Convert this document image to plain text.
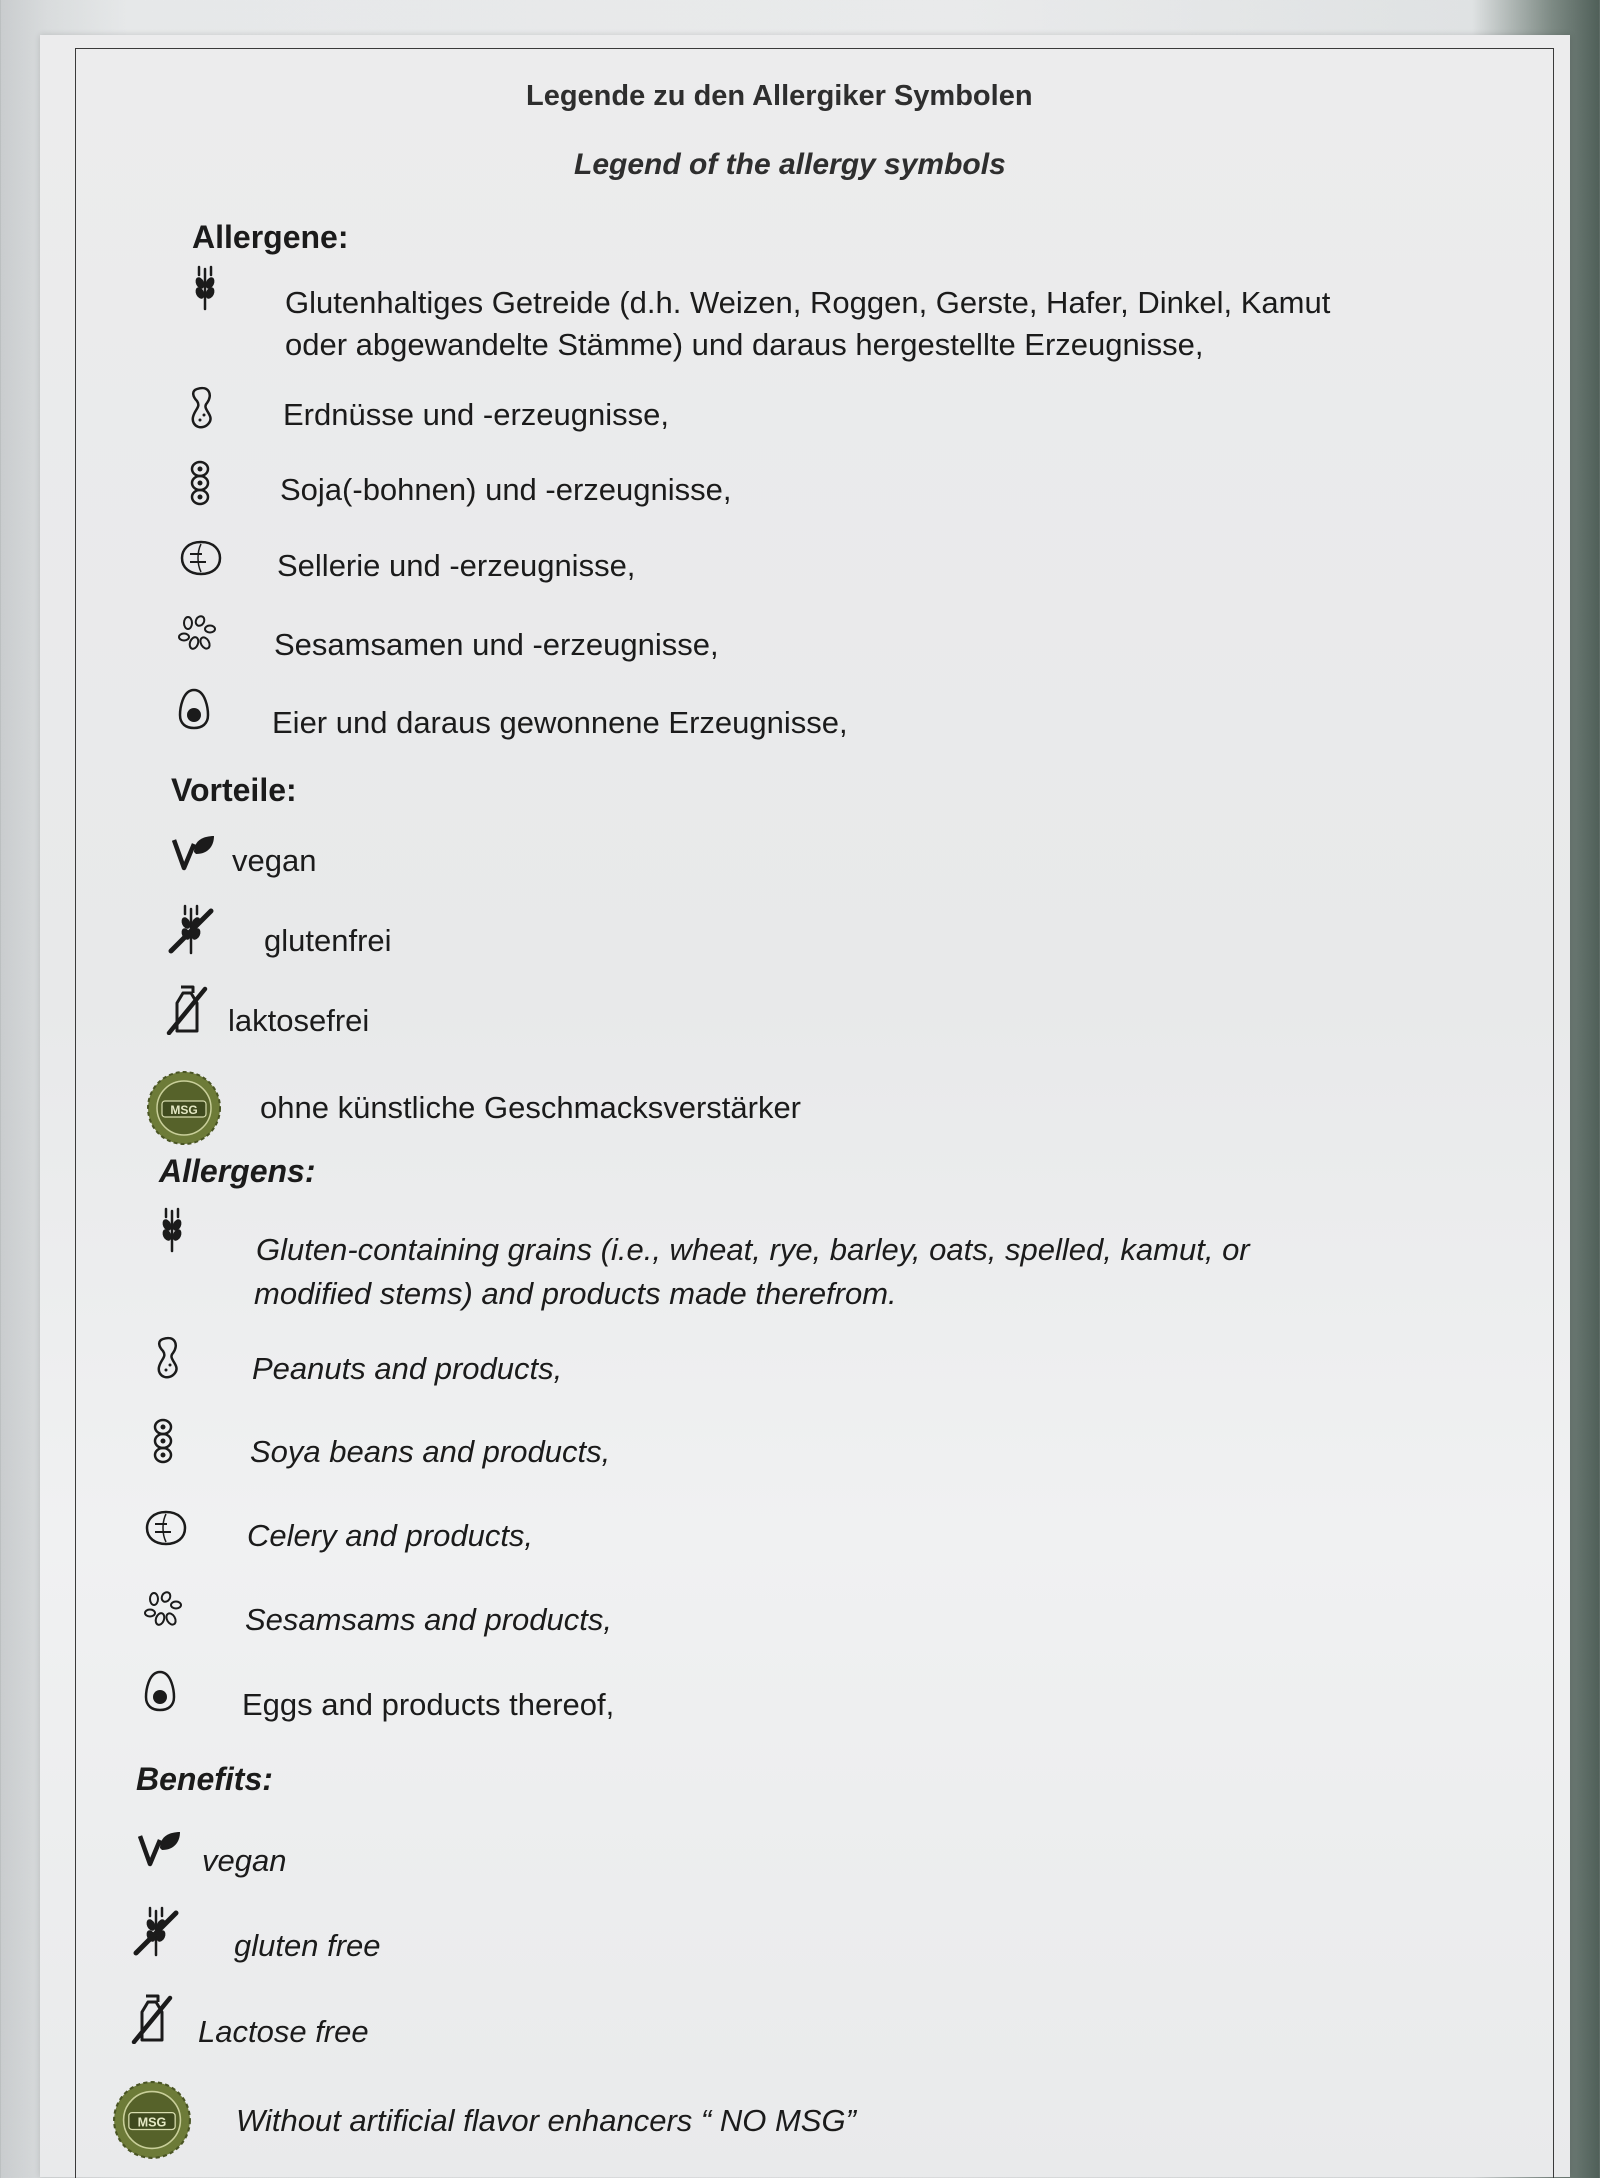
Legende zu den Allergiker Symbolen
Legend of the allergy symbols
Allergene:
Glutenhaltiges Getreide (d.h. Weizen, Roggen, Gerste, Hafer, Dinkel, Kamut
oder abgewandelte Stämme) und daraus hergestellte Erzeugnisse,
Erdnüsse und -erzeugnisse,
Soja(-bohnen) und -erzeugnisse,
Sellerie und -erzeugnisse,
Sesamsamen und -erzeugnisse,
Eier und daraus gewonnene Erzeugnisse,
Vorteile:
vegan
glutenfrei
laktosefrei
MSG ohne künstliche Geschmacksverstärker
Allergens:
Gluten-containing grains (i.e., wheat, rye, barley, oats, spelled, kamut, or
modified stems) and products made therefrom.
Peanuts and products,
Soya beans and products,
Celery and products,
Sesamsams and products,
Eggs and products thereof,
Benefits:
vegan
gluten free
Lactose free
MSG Without artificial flavor enhancers “ NO MSG”
